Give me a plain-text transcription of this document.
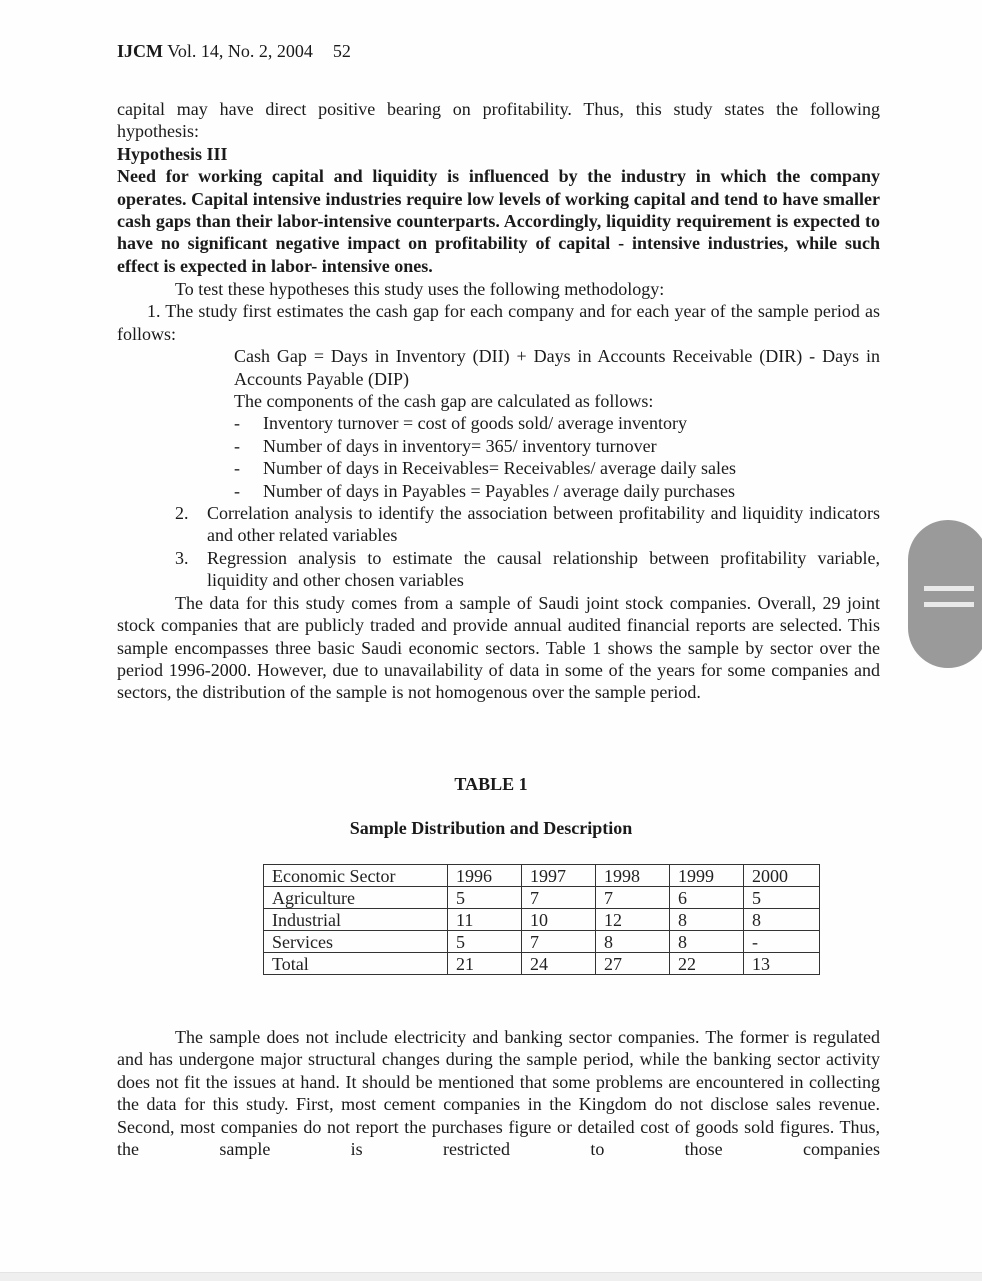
IJCM Vol. 14, No. 2, 2004 52

capital may have direct positive bearing on profitability. Thus, this study states the following

hypothesis:

Hypothesis III

Need for working capital and liquidity is influenced by the industry in which the company operates. Capital intensive industries require low levels of working capital and tend to have smaller cash gaps than their labor-intensive counterparts. Accordingly, liquidity requirement is expected to have no significant negative impact on profitability of capital - intensive industries, while such effect is expected in labor- intensive ones.

To test these hypotheses this study uses the following methodology:

1. The study first estimates the cash gap for each company and for each year of the sample period as follows:

Cash Gap = Days in Inventory (DII) + Days in Accounts Receivable (DIR) - Days in Accounts Payable (DIP)

The components of the cash gap are calculated as follows:

- Inventory turnover = cost of goods sold/ average inventory
- Number of days in inventory= 365/ inventory turnover
- Number of days in Receivables= Receivables/ average daily sales
- Number of days in Payables = Payables / average daily purchases
2. Correlation analysis to identify the association between profitability and liquidity indicators and other related variables
3. Regression analysis to estimate the causal relationship between profitability variable, liquidity and other chosen variables

The data for this study comes from a sample of Saudi joint stock companies. Overall, 29 joint stock companies that are publicly traded and provide annual audited financial reports are selected. This sample encompasses three basic Saudi economic sectors. Table 1 shows the sample by sector over the period 1996-2000. However, due to unavailability of data in some of the years for some companies and sectors, the distribution of the sample is not homogenous over the sample period.

TABLE 1
Sample Distribution and Description
Economic Sector	1996	1997	1998	1999	2000
Agriculture	5	7	7	6	5
Industrial	11	10	12	8	8
Services	5	7	8	8	-
Total	21	24	27	22	13

The sample does not include electricity and banking sector companies. The former is regulated and has undergone major structural changes during the sample period, while the banking sector activity does not fit the issues at hand. It should be mentioned that some problems are encountered in collecting the data for this study. First, most cement companies in the Kingdom do not disclose sales revenue. Second, most companies do not report the purchases figure or detailed cost of goods sold figures. Thus, the sample is restricted to those companies
